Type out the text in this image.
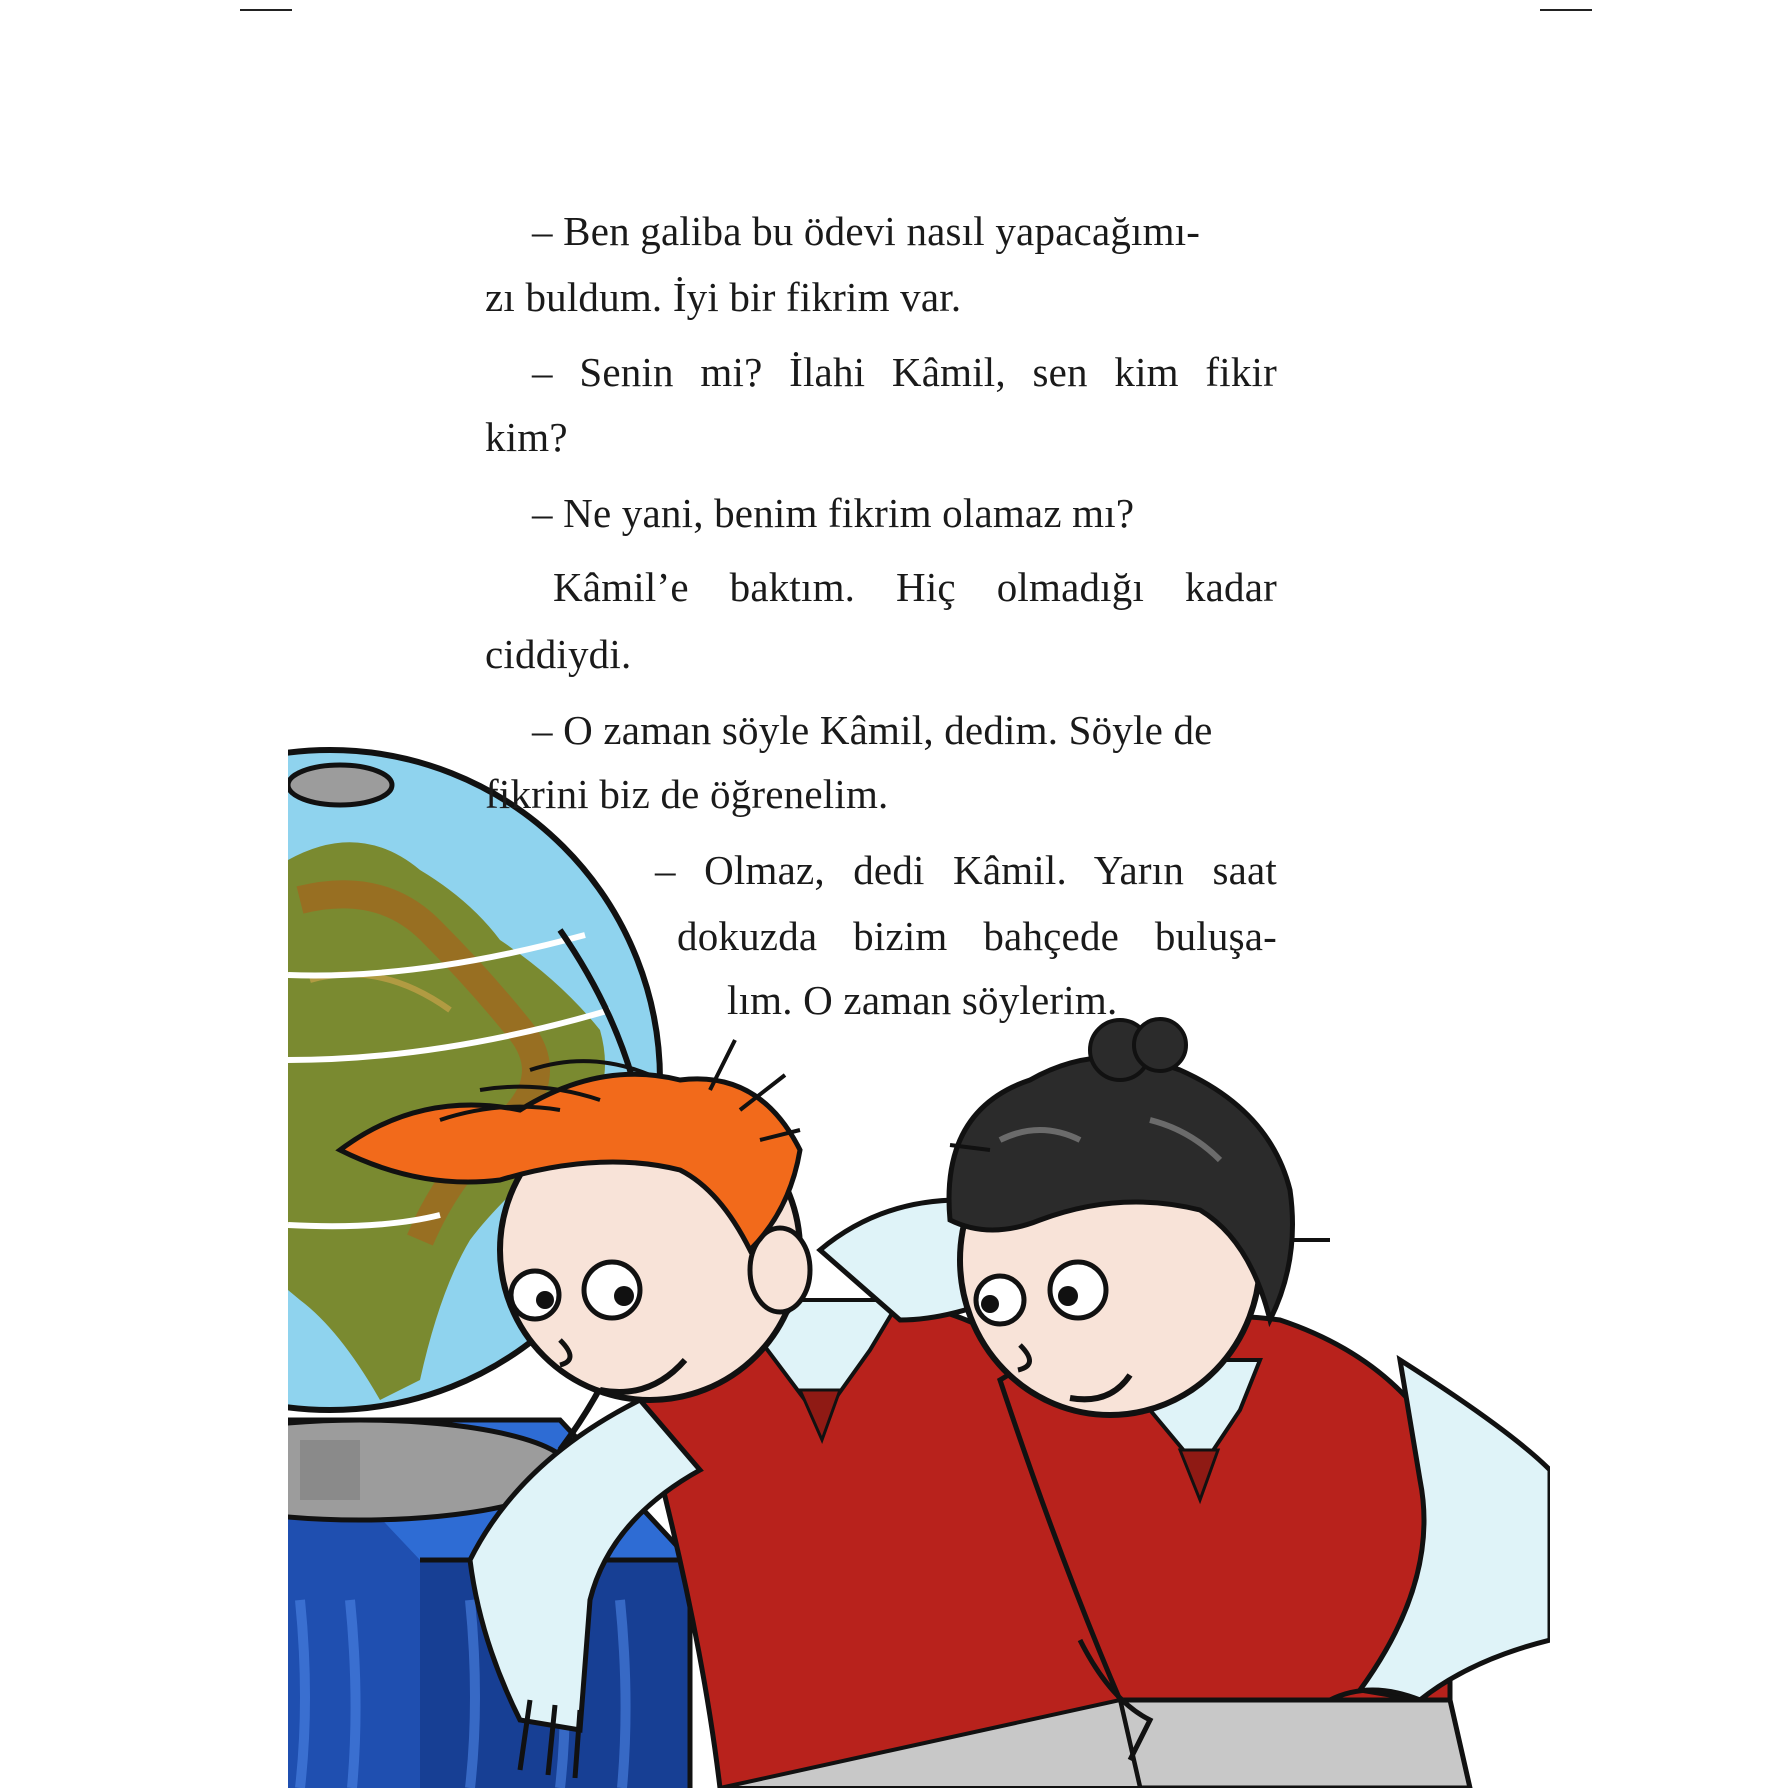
– Ben galiba bu ödevi nasıl yapacağımı-
zı buldum. İyi bir fikrim var.
– Senin mi? İlahi Kâmil, sen kim fikir
kim?
– Ne yani, benim fikrim olamaz mı?
Kâmil’e baktım. Hiç olmadığı kadar
ciddiydi.
– O zaman söyle Kâmil, dedim. Söyle de
fikrini biz de öğrenelim.
– Olmaz, dedi Kâmil. Yarın saat
dokuzda bizim bahçede buluşa-
lım. O zaman söylerim.
